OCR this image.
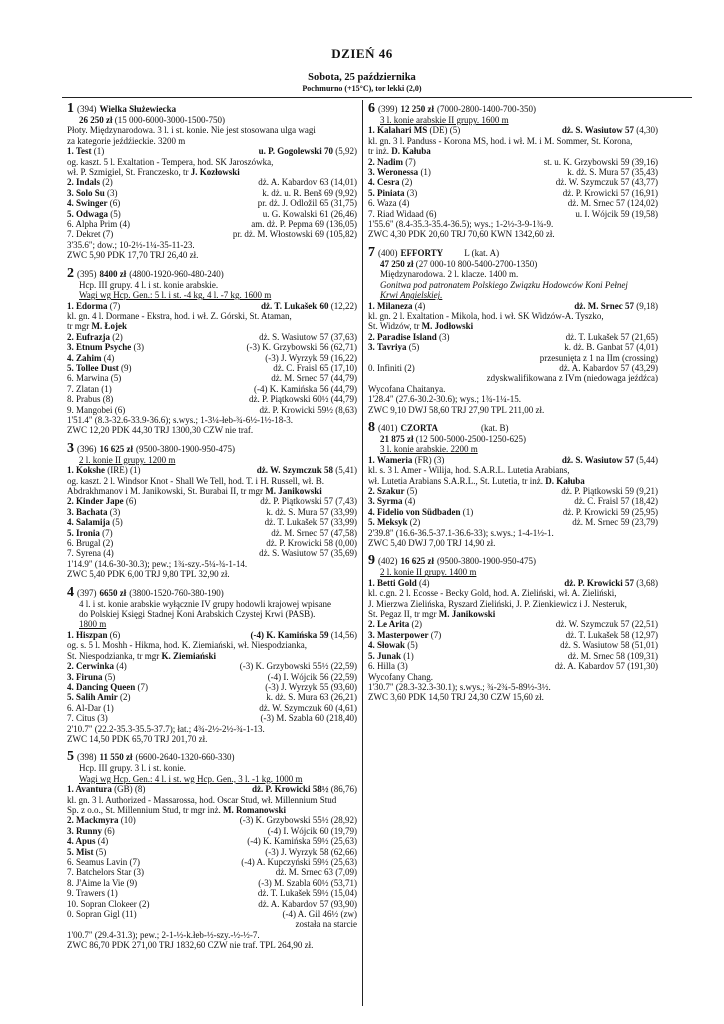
DZIEŃ 46
Sobota, 25 października
Pochmurno (+15°C), tor lekki (2,0)
1 (394) Wielka Służewiecka
26 250 zł (15 000-6000-3000-1500-750)
Płoty. Międzynarodowa. 3 l. i st. konie. Nie jest stosowana ulga wagi
za kategorie jeźdźieckie. 3200 m
1. Test (1)	u. P. Gogolewski 70 (5,92)
og. kaszt. 5 l. Exaltation - Tempera, hod. SK Jaroszówka,
wł. P. Szmigiel, St. Franczesko, tr J. Kozłowski
2. Indals (2)	dż. A. Kabardov 63 (14,01)
3. Solo Su (3)	k. dż. u. R. Benš 69 (9,92)
4. Swinger (6)	pr. dż. J. Odložil 65 (31,75)
5. Odwaga (5)	u. G. Kowalski 61 (26,46)
6. Alpha Prim (4)	am. dż. P. Pepma 69 (136,05)
7. Dekret (7)	pr. dż. M. Włostowski 69 (105,82)
3'35.6"; dow.; 10-2½-1¼-35-11-23.
ZWC 5,90 PDK 17,70 TRJ 26,40 zł.
2 (395) 8400 zł (4800-1920-960-480-240)
Hcp. III grupy. 4 l. i st. konie arabskie.
Wagi wg Hcp. Gen.: 5 l. i st. -4 kg, 4 l. -7 kg. 1600 m
1. Edorma (7)	dż. T. Lukašek 60 (12,22)
kl. gn. 4 l. Dormane - Ekstra, hod. i wł. Z. Górski, St. Ataman,
tr mgr M. Łojek
2. Eufrazja (2)	dż. S. Wasiutow 57 (37,63)
3. Etnum Psyche (3)	(-3) K. Grzybowski 56 (62,71)
4. Zahim (4)	(-3) J. Wyrzyk 59 (16,22)
5. Tollee Dust (9)	dż. C. Fraisl 65 (17,10)
6. Marwina (5)	dż. M. Srnec 57 (44,79)
7. Zlatan (1)	(-4) K. Kamińska 56 (44,79)
8. Prabus (8)	dż. P. Piątkowski 60½ (44,79)
9. Mangobei (6)	dż. P. Krowicki 59½ (8,63)
1'51.4" (8.3-32.6-33.9-36.6); s.wys.; 1-3¼-łeb-¾-6½-1½-18-3.
ZWC 12,20 PDK 44,30 TRJ 1300,30 CZW nie traf.
3 (396) 16 625 zł (9500-3800-1900-950-475)
2 l. konie II grupy. 1200 m
1. Kokshe (IRE) (1)	dż. W. Szymczuk 58 (5,41)
og. kaszt. 2 l. Windsor Knot - Shall We Tell, hod. T. i H. Russell, wł. B.
Abdrakhmanov i M. Janikowski, St. Burabai II, tr mgr M. Janikowski
2. Kinder Jape (6)	dż. P. Piątkowski 57 (7,43)
3. Bachata (3)	k. dż. S. Mura 57 (33,99)
4. Salamija (5)	dż. T. Lukašek 57 (33,99)
5. Ironia (7)	dż. M. Srnec 57 (47,58)
6. Brugal (2)	dż. P. Krowicki 58 (0,00)
7. Syrena (4)	dż. S. Wasiutow 57 (35,69)
1'14.9" (14.6-30-30.3); pew.; 1¾-szy.-5¼-¾-1-14.
ZWC 5,40 PDK 6,00 TRJ 9,80 TPL 32,90 zł.
4 (397) 6650 zł (3800-1520-760-380-190)
4 l. i st. konie arabskie wyłącznie IV grupy hodowli krajowej wpisane
do Polskiej Księgi Stadnej Koni Arabskich Czystej Krwi (PASB).
1800 m
1. Hiszpan (6)	(-4) K. Kamińska 59 (14,56)
og. s. 5 l. Moshh - Hikma, hod. K. Ziemiański, wł. Niespodzianka,
St. Niespodzianka, tr mgr K. Ziemiański
2. Cerwinka (4)	(-3) K. Grzybowski 55½ (22,59)
3. Firuna (5)	(-4) I. Wójcik 56 (22,59)
4. Dancing Queen (7)	(-3) J. Wyrzyk 55 (93,60)
5. Salih Amir (2)	k. dż. S. Mura 63 (26,21)
6. Al-Dar (1)	dż. W. Szymczuk 60 (4,61)
7. Citus (3)	(-3) M. Szabla 60 (218,40)
2'10.7" (22.2-35.3-35.5-37.7); łat.; 4¾-2½-2½-¾-1-13.
ZWC 14,50 PDK 65,70 TRJ 201,70 zł.
5 (398) 11 550 zł (6600-2640-1320-660-330)
Hcp. III grupy. 3 l. i st. konie.
Wagi wg Hcp. Gen.: 4 l. i st. wg Hcp. Gen., 3 l. -1 kg. 1000 m
1. Avantura (GB) (8)	dż. P. Krowicki 58½ (86,76)
kl. gn. 3 l. Authorized - Massarossa, hod. Oscar Stud, wł. Millennium Stud
Sp. z o.o., St. Millennium Stud, tr mgr inż. M. Romanowski
2. Mackmyra (10)	(-3) K. Grzybowski 55½ (28,92)
3. Runny (6)	(-4) I. Wójcik 60 (19,79)
4. Apus (4)	(-4) K. Kamińska 59½ (25,63)
5. Mist (5)	(-3) J. Wyrzyk 58 (62,66)
6. Seamus Lavin (7)	(-4) A. Kupczyński 59½ (25,63)
7. Batchelors Star (3)	dż. M. Srnec 63 (7,09)
8. J'Aime la Vie (9)	(-3) M. Szabla 60½ (53,71)
9. Trawers (1)	dż. T. Lukašek 59½ (15,04)
10. Sopran Clokeer (2)	dż. A. Kabardov 57 (93,90)
0. Sopran Gigl (11)	(-4) A. Gil 46½ (zw)
została na starcie
1'00.7" (29.4-31.3); pew.; 2-1-½-k.łeb-½-szy.-½-½-7.
ZWC 86,70 PDK 271,00 TRJ 1832,60 CZW nie traf. TPL 264,90 zł.
6 (399) 12 250 zł (7000-2800-1400-700-350)
3 l. konie arabskie II grupy. 1600 m
1. Kalahari MS (DE) (5)	dż. S. Wasiutow 57 (4,30)
kl. gn. 3 l. Panduss - Korona MS, hod. i wł. M. i M. Sommer, St. Korona,
tr inż. D. Kałuba
2. Nadim (7)	st. u. K. Grzybowski 59 (39,16)
3. Weronessa (1)	k. dż. S. Mura 57 (35,43)
4. Cesra (2)	dż. W. Szymczuk 57 (43,77)
5. Piniata (3)	dż. P. Krowicki 57 (16,91)
6. Waza (4)	dż. M. Srnec 57 (124,02)
7. Riad Widaad (6)	u. I. Wójcik 59 (19,58)
1'55.6" (8.4-35.3-35.4-36.5); wys.; 1-2½-3-9-1¾-9.
ZWC 4,30 PDK 20,60 TRJ 70,60 KWN 1342,60 zł.
7 (400) EFFORTY	L (kat. A)
47 250 zł (27 000-10 800-5400-2700-1350)
Międzynarodowa. 2 l. klacze. 1400 m.
Gonitwa pod patronatem Polskiego Związku Hodowców Koni Pełnej
Krwi Angielskiej.
1. Milaneza (4)	dż. M. Srnec 57 (9,18)
kl. gn. 2 l. Exaltation - Mikola, hod. i wł. SK Widzów-A. Tyszko,
St. Widzów, tr M. Jodłowski
2. Paradise Island (3)	dż. T. Lukašek 57 (21,65)
3. Tavriya (5)	k. dż. B. Ganbat 57 (4,01)
przesunięta z 1 na IIm (crossing)
0. Infiniti (2)	dż. A. Kabardov 57 (43,29)
zdyskwalifikowana z IVm (niedowaga jeźdźca)
Wycofana Chaitanya.
1'28.4" (27.6-30.2-30.6); wys.; 1¾-1¼-15.
ZWC 9,10 DWJ 58,60 TRJ 27,90 TPL 211,00 zł.
8 (401) CZORTA	(kat. B)
21 875 zł (12 500-5000-2500-1250-625)
3 l. konie arabskie. 2200 m
1. Wameria (FR) (3)	dż. S. Wasiutow 57 (5,44)
kl. s. 3 l. Amer - Wilija, hod. S.A.R.L. Lutetia Arabians,
wł. Lutetia Arabians S.A.R.L., St. Lutetia, tr inż. D. Kałuba
2. Szakur (5)	dż. P. Piątkowski 59 (9,21)
3. Syrma (4)	dż. C. Fraisl 57 (18,42)
4. Fidelio von Südbaden (1)	dż. P. Krowicki 59 (25,95)
5. Meksyk (2)	dż. M. Srnec 59 (23,79)
2'39.8" (16.6-36.5-37.1-36.6-33); s.wys.; 1-4-1½-1.
ZWC 5,40 DWJ 7,00 TRJ 14,90 zł.
9 (402) 16 625 zł (9500-3800-1900-950-475)
2 l. konie II grupy. 1400 m
1. Betti Gold (4)	dż. P. Krowicki 57 (3,68)
kl. c.gn. 2 l. Ecosse - Becky Gold, hod. A. Zieliński, wł. A. Zieliński,
J. Mierzwa Zielińska, Ryszard Zieliński, J. P. Zienkiewicz i J. Nesteruk,
St. Pegaz II, tr mgr M. Janikowski
2. Le Arita (2)	dż. W. Szymczuk 57 (22,51)
3. Masterpower (7)	dż. T. Lukašek 58 (12,97)
4. Słowak (5)	dż. S. Wasiutow 58 (51,01)
5. Junak (1)	dż. M. Srnec 58 (109,31)
6. Hilla (3)	dż. A. Kabardov 57 (191,30)
Wycofany Chang.
1'30.7" (28.3-32.3-30.1); s.wys.; ¾-2¾-5-89½-3½.
ZWC 3,60 PDK 14,50 TRJ 24,30 CZW 15,60 zł.
